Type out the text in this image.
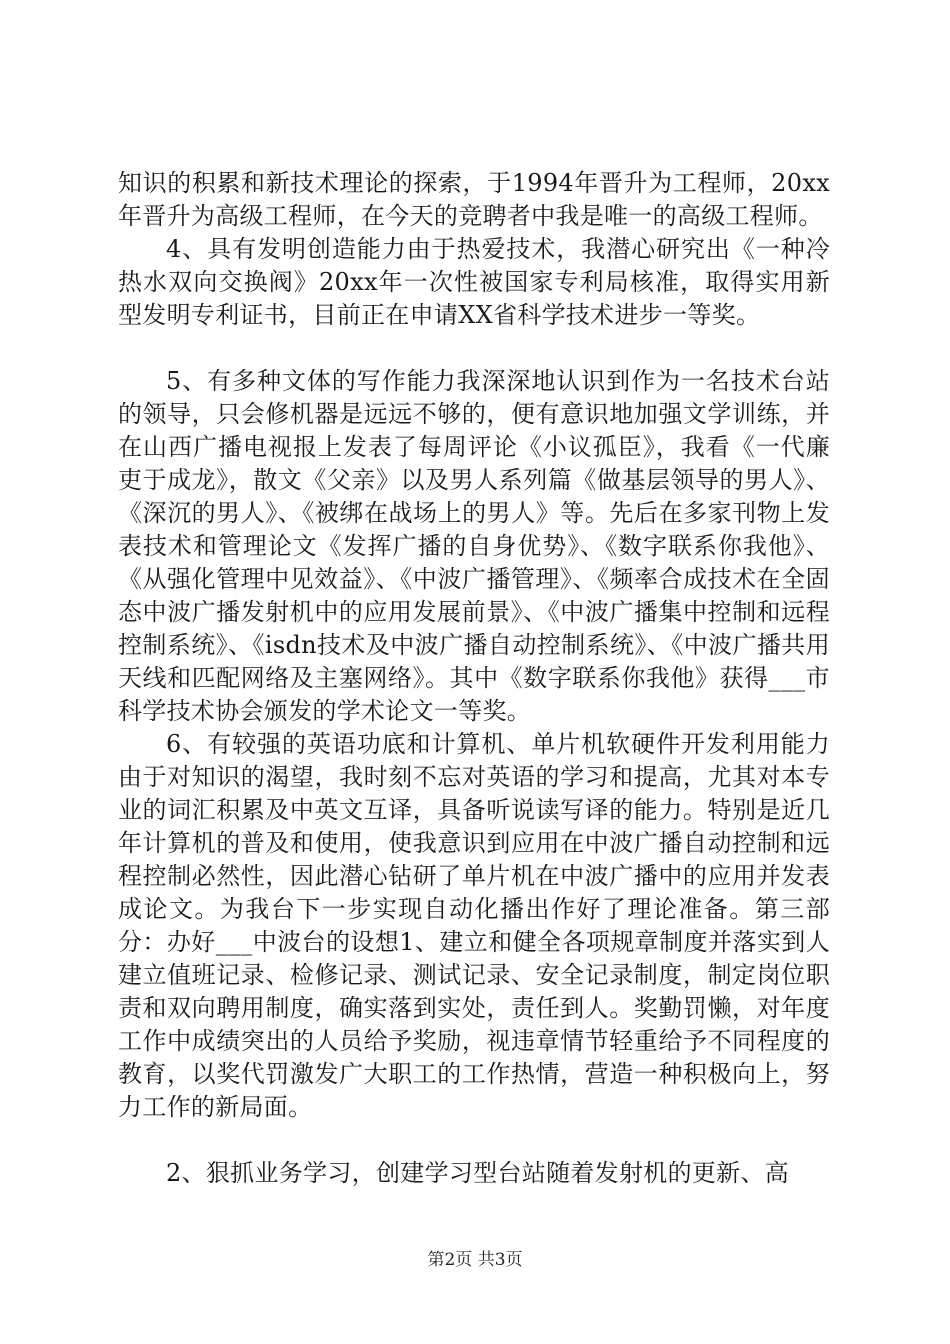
知识的积累和新技术理论的探索，于1994年晋升为工程师，20xx年晋升为高级工程师，在今天的竞聘者中我是唯一的高级工程师。

4、具有发明创造能力由于热爱技术，我潜心研究出《一种冷热水双向交换阀》20xx年一次性被国家专利局核准，取得实用新型发明专利证书，目前正在申请XX省科学技术进步一等奖。

5、有多种文体的写作能力我深深地认识到作为一名技术台站的领导，只会修机器是远远不够的，便有意识地加强文学训练，并在山西广播电视报上发表了每周评论《小议孤臣》，我看《一代廉吏于成龙》，散文《父亲》以及男人系列篇《做基层领导的男人》、《深沉的男人》、《被绑在战场上的男人》等。先后在多家刊物上发表技术和管理论文《发挥广播的自身优势》、《数字联系你我他》、《从强化管理中见效益》、《中波广播管理》、《频率合成技术在全固态中波广播发射机中的应用发展前景》、《中波广播集中控制和远程控制系统》、《isdn技术及中波广播自动控制系统》、《中波广播共用天线和匹配网络及主塞网络》。其中《数字联系你我他》获得___市科学技术协会颁发的学术论文一等奖。

6、有较强的英语功底和计算机、单片机软硬件开发利用能力由于对知识的渴望，我时刻不忘对英语的学习和提高，尤其对本专业的词汇积累及中英文互译，具备听说读写译的能力。特别是近几年计算机的普及和使用，使我意识到应用在中波广播自动控制和远程控制必然性，因此潜心钻研了单片机在中波广播中的应用并发表成论文。为我台下一步实现自动化播出作好了理论准备。第三部分：办好___中波台的设想1、建立和健全各项规章制度并落实到人建立值班记录、检修记录、测试记录、安全记录制度，制定岗位职责和双向聘用制度，确实落到实处，责任到人。奖勤罚懒，对年度工作中成绩突出的人员给予奖励，视违章情节轻重给予不同程度的教育，以奖代罚激发广大职工的工作热情，营造一种积极向上，努力工作的新局面。

2、狠抓业务学习，创建学习型台站随着发射机的更新、高

第2页 共3页
